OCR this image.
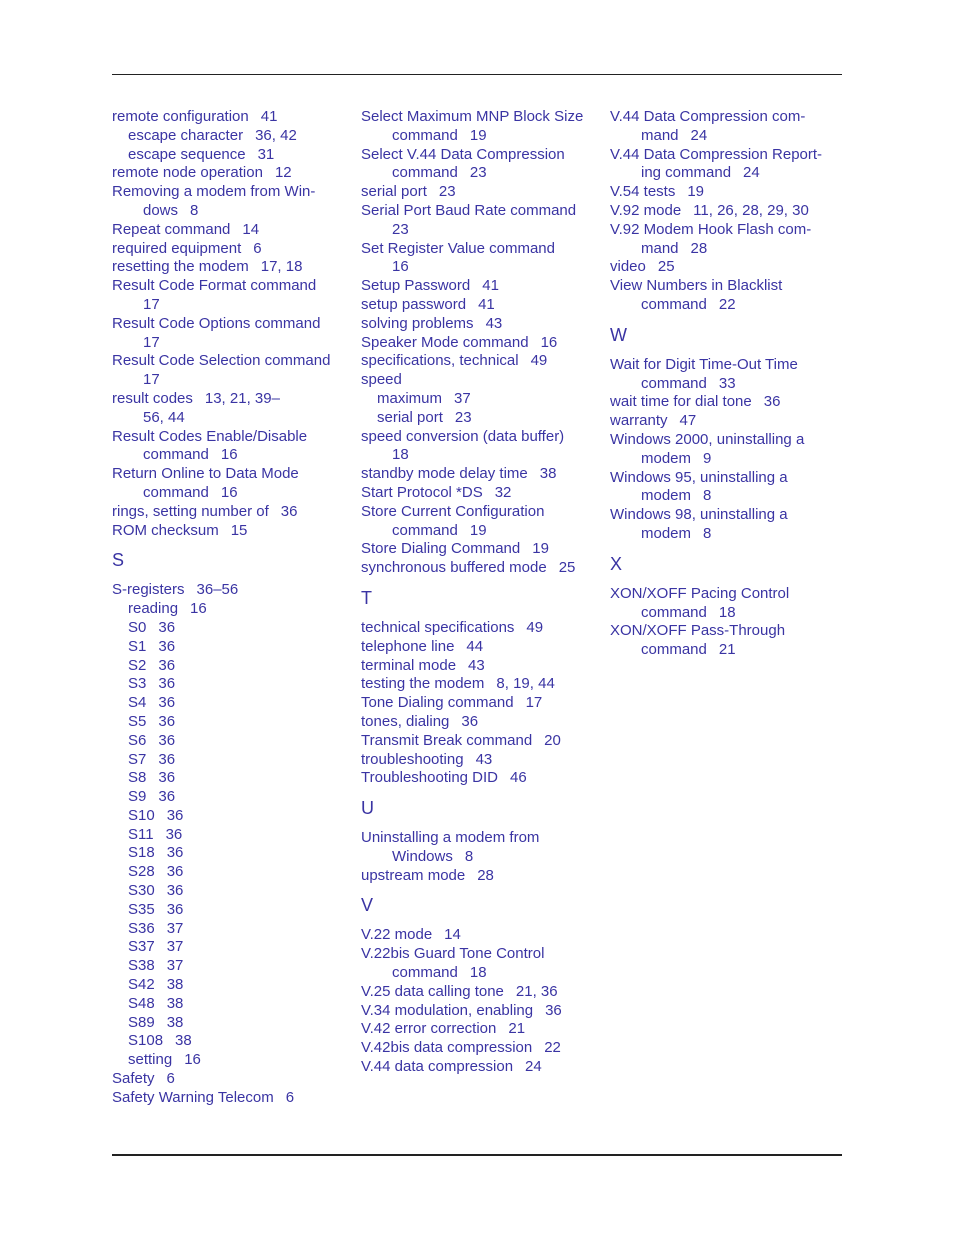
remote configuration 41
escape character 36, 42
escape sequence 31
remote node operation 12
Removing a modem from Win-
dows 8
Repeat command 14
required equipment 6
resetting the modem 17, 18
Result Code Format command
17
Result Code Options command
17
Result Code Selection command
17
result codes 13, 21, 39–
56, 44
Result Codes Enable/Disable
command 16
Return Online to Data Mode
command 16
rings, setting number of 36
ROM checksum 15
S
S-registers 36–56
reading 16
S0 36
S1 36
S2 36
S3 36
S4 36
S5 36
S6 36
S7 36
S8 36
S9 36
S10 36
S11 36
S18 36
S28 36
S30 36
S35 36
S36 37
S37 37
S38 37
S42 38
S48 38
S89 38
S108 38
setting 16
Safety 6
Safety Warning Telecom 6
Select Maximum MNP Block Size
command 19
Select V.44 Data Compression
command 23
serial port 23
Serial Port Baud Rate command
23
Set Register Value command
16
Setup Password 41
setup password 41
solving problems 43
Speaker Mode command 16
specifications, technical 49
speed
maximum 37
serial port 23
speed conversion (data buffer)
18
standby mode delay time 38
Start Protocol *DS 32
Store Current Configuration
command 19
Store Dialing Command 19
synchronous buffered mode 25
T
technical specifications 49
telephone line 44
terminal mode 43
testing the modem 8, 19, 44
Tone Dialing command 17
tones, dialing 36
Transmit Break command 20
troubleshooting 43
Troubleshooting DID 46
U
Uninstalling a modem from
Windows 8
upstream mode 28
V
V.22 mode 14
V.22bis Guard Tone Control
command 18
V.25 data calling tone 21, 36
V.34 modulation, enabling 36
V.42 error correction 21
V.42bis data compression 22
V.44 data compression 24
V.44 Data Compression com-
mand 24
V.44 Data Compression Report-
ing command 24
V.54 tests 19
V.92 mode 11, 26, 28, 29, 30
V.92 Modem Hook Flash com-
mand 28
video 25
View Numbers in Blacklist
command 22
W
Wait for Digit Time-Out Time
command 33
wait time for dial tone 36
warranty 47
Windows 2000, uninstalling a
modem 9
Windows 95, uninstalling a
modem 8
Windows 98, uninstalling a
modem 8
X
XON/XOFF Pacing Control
command 18
XON/XOFF Pass-Through
command 21
